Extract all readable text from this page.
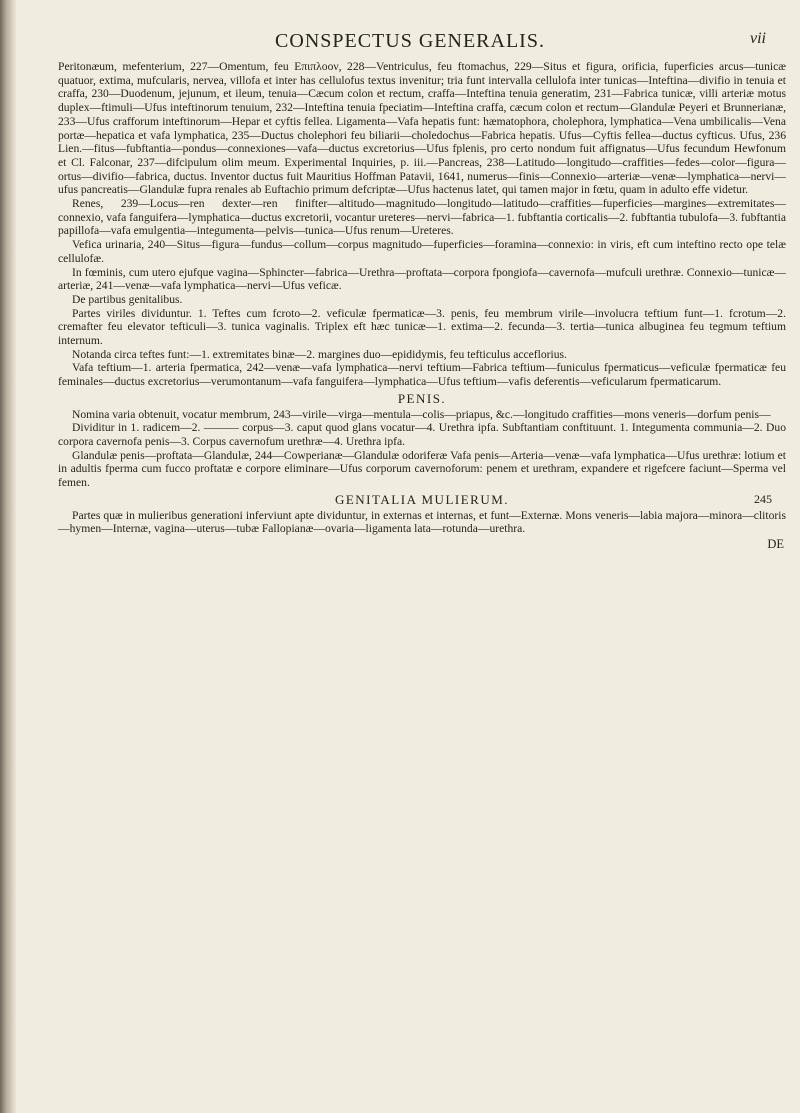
CONSPECTUS GENERALIS.	vii

Peritonæum, mefenterium, 227—Omentum, feu Επιπλοον, 228—Ventriculus, feu ftomachus, 229—Situs et figura, orificia, fuperficies arcus—tunicæ quatuor, extima, mufcularis, nervea, villofa et inter has cellulofus textus invenitur; tria funt intervalla cellulofa inter tunicas—Inteftina—divifio in tenuia et craffa, 230—Duodenum, jejunum, et ileum, tenuia—Cæcum colon et rectum, craffa—Inteftina tenuia generatim, 231—Fabrica tunicæ, villi arteriæ motus duplex—ftimuli—Ufus inteftinorum tenuium, 232—Inteftina tenuia fpeciatim—Inteftina craffa, cæcum colon et rectum—Glandulæ Peyeri et Brunnerianæ, 233—Ufus crafforum inteftinorum—Hepar et cyftis fellea. Ligamenta—Vafa hepatis funt: hæmatophora, cholephora, lymphatica—Vena umbilicalis—Vena portæ—hepatica et vafa lymphatica, 235—Ductus cholephori feu biliarii—choledochus—Fabrica hepatis. Ufus—Cyftis fellea—ductus cyfticus. Ufus, 236 Lien.—fitus—fubftantia—pondus—connexiones—vafa—ductus excretorius—Ufus fplenis, pro certo nondum fuit affignatus—Ufus fecundum Hewfonum et Cl. Falconar, 237—difcipulum olim meum. Experimental Inquiries, p. iii.—Pancreas, 238—Latitudo—longitudo—craffities—fedes—color—figura—ortus—divifio—fabrica, ductus. Inventor ductus fuit Mauritius Hoffman Patavii, 1641, numerus—finis—Connexio—arteriæ—venæ—lymphatica—nervi—ufus pancreatis—Glandulæ fupra renales ab Euftachio primum defcriptæ—Ufus hactenus latet, qui tamen major in fœtu, quam in adulto effe videtur.

Renes, 239—Locus—ren dexter—ren finifter—altitudo—magnitudo—longitudo—latitudo—craffities—fuperficies—margines—extremitates—connexio, vafa fanguifera—lymphatica—ductus excretorii, vocantur ureteres—nervi—fabrica—1. fubftantia corticalis—2. fubftantia tubulofa—3. fubftantia papillofa—vafa emulgentia—integumenta—pelvis—tunica—Ufus renum—Ureteres.

Vefica urinaria, 240—Situs—figura—fundus—collum—corpus magnitudo—fuperficies—foramina—connexio: in viris, eft cum inteftino recto ope telæ cellulofæ.

In fœminis, cum utero ejufque vagina—Sphincter—fabrica—Urethra—proftata—corpora fpongiofa—cavernofa—mufculi urethræ. Connexio—tunicæ—arteriæ, 241—venæ—vafa lymphatica—nervi—Ufus veficæ.

De partibus genitalibus.

Partes viriles dividuntur. 1. Teftes cum fcroto—2. veficulæ fpermaticæ—3. penis, feu membrum virile—involucra teftium funt—1. fcrotum—2. cremafter feu elevator tefticuli—3. tunica vaginalis. Triplex eft hæc tunicæ—1. extima—2. fecunda—3. tertia—tunica albuginea feu tegmum teftium internum.

Notanda circa teftes funt:—1. extremitates binæ—2. margines duo—epididymis, feu tefticulus acceflorius.

Vafa teftium—1. arteria fpermatica, 242—venæ—vafa lymphatica—nervi teftium—Fabrica teftium—funiculus fpermaticus—veficulæ fpermaticæ feu feminales—ductus excretorius—verumontanum—vafa fanguifera—lymphatica—Ufus teftium—vafis deferentis—veficularum fpermaticarum.

PENIS.

Nomina varia obtenuit, vocatur membrum, 243—virile—virga—mentula—colis—priapus, &c.—longitudo craffities—mons veneris—dorfum penis—

Dividitur in 1. radicem—2. ——— corpus—3. caput quod glans vocatur—4. Urethra ipfa. Subftantiam conftituunt. 1. Integumenta communia—2. Duo corpora cavernofa penis—3. Corpus cavernofum urethræ—4. Urethra ipfa.

Glandulæ penis—proftata—Glandulæ, 244—Cowperianæ—Glandulæ odoriferæ Vafa penis—Arteria—venæ—vafa lymphatica—Ufus urethræ: lotium et in adultis fperma cum fucco proftatæ e corpore eliminare—Ufus corporum cavernoforum: penem et urethram, expandere et rigefcere faciunt—Sperma vel femen.

GENITALIA MULIERUM.	245

Partes quæ in mulieribus generationi inferviunt apte dividuntur, in externas et internas, et funt—Externæ. Mons veneris—labia majora—minora—clitoris—hymen—Internæ, vagina—uterus—tubæ Fallopianæ—ovaria—ligamenta lata—rotunda—urethra.

DE
